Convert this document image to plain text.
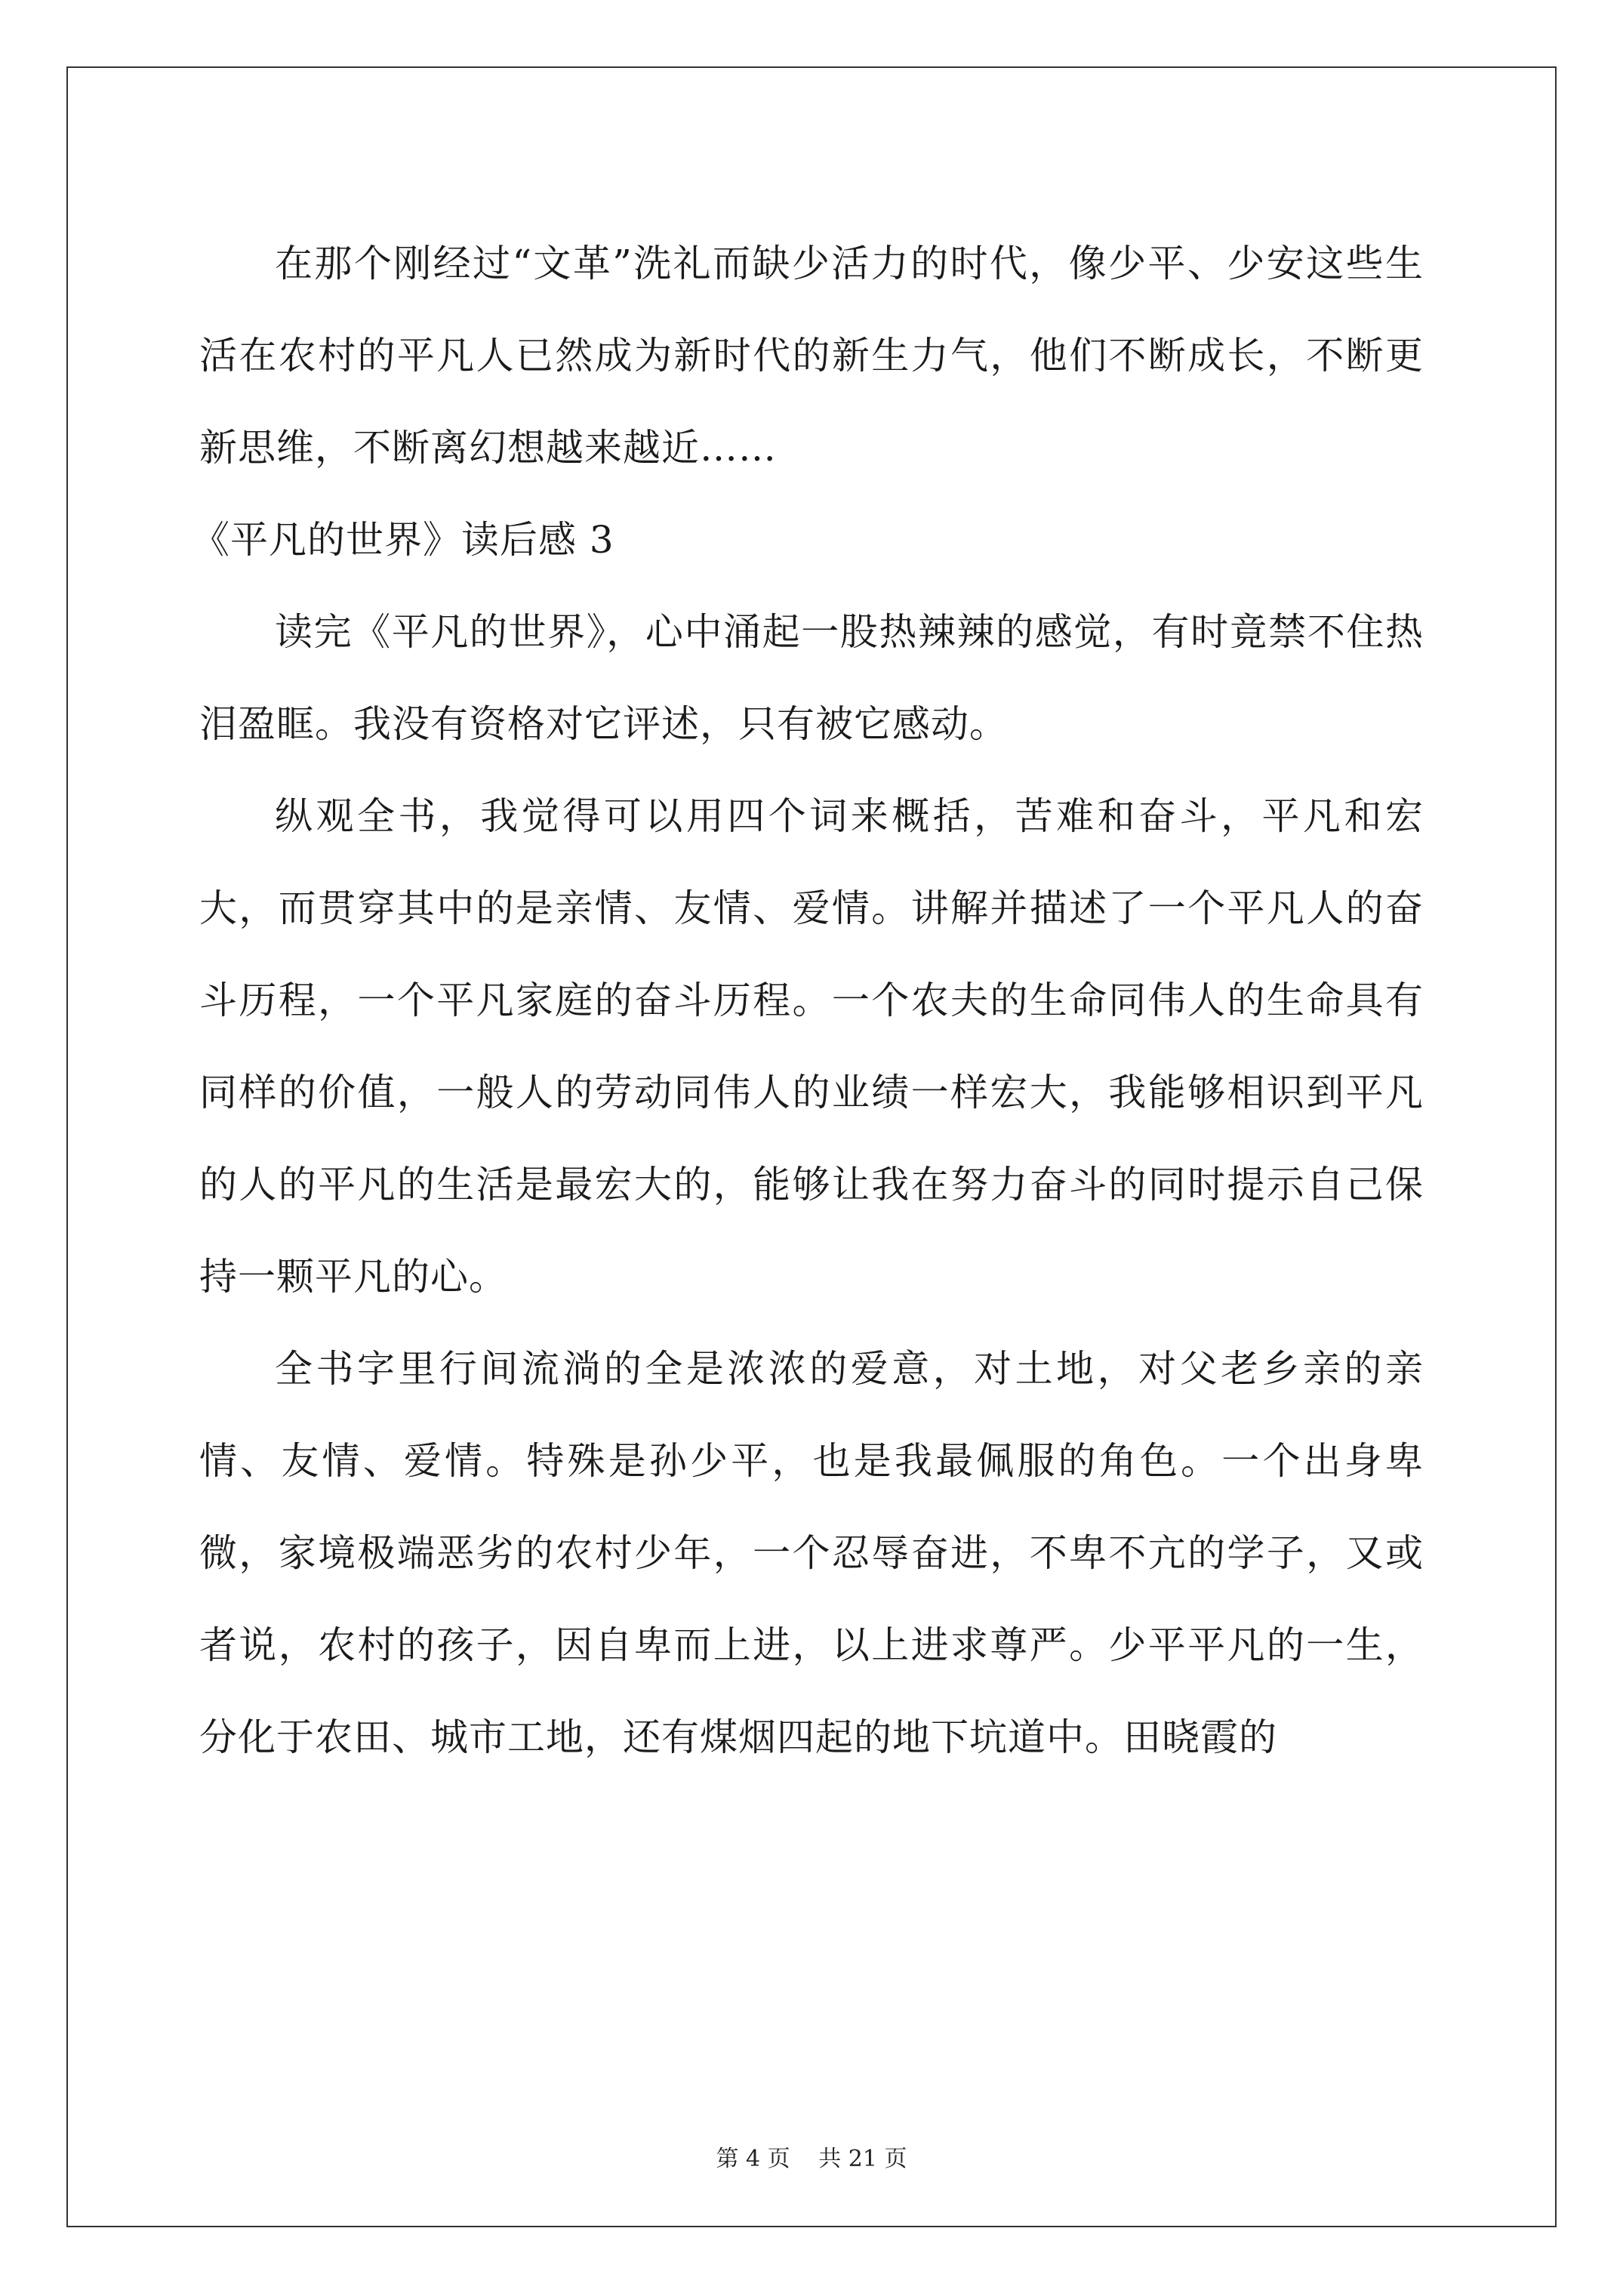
在那个刚经过“文革”洗礼而缺少活力的时代，像少平、少安这些生活在农村的平凡人已然成为新时代的新生力气，他们不断成长，不断更新思维，不断离幻想越来越近……

《平凡的世界》读后感 3

读完《平凡的世界》，心中涌起一股热辣辣的感觉，有时竟禁不住热泪盈眶。我没有资格对它评述，只有被它感动。

纵观全书，我觉得可以用四个词来概括，苦难和奋斗，平凡和宏大，而贯穿其中的是亲情、友情、爱情。讲解并描述了一个平凡人的奋斗历程，一个平凡家庭的奋斗历程。一个农夫的生命同伟人的生命具有同样的价值，一般人的劳动同伟人的业绩一样宏大，我能够相识到平凡的人的平凡的生活是最宏大的，能够让我在努力奋斗的同时提示自己保持一颗平凡的心。

全书字里行间流淌的全是浓浓的爱意，对土地，对父老乡亲的亲情、友情、爱情。特殊是孙少平，也是我最佩服的角色。一个出身卑微，家境极端恶劣的农村少年，一个忍辱奋进，不卑不亢的学子，又或者说，农村的孩子，因自卑而上进，以上进求尊严。少平平凡的一生，分化于农田、城市工地，还有煤烟四起的地下坑道中。田晓霞的

第 4 页 共 21 页
